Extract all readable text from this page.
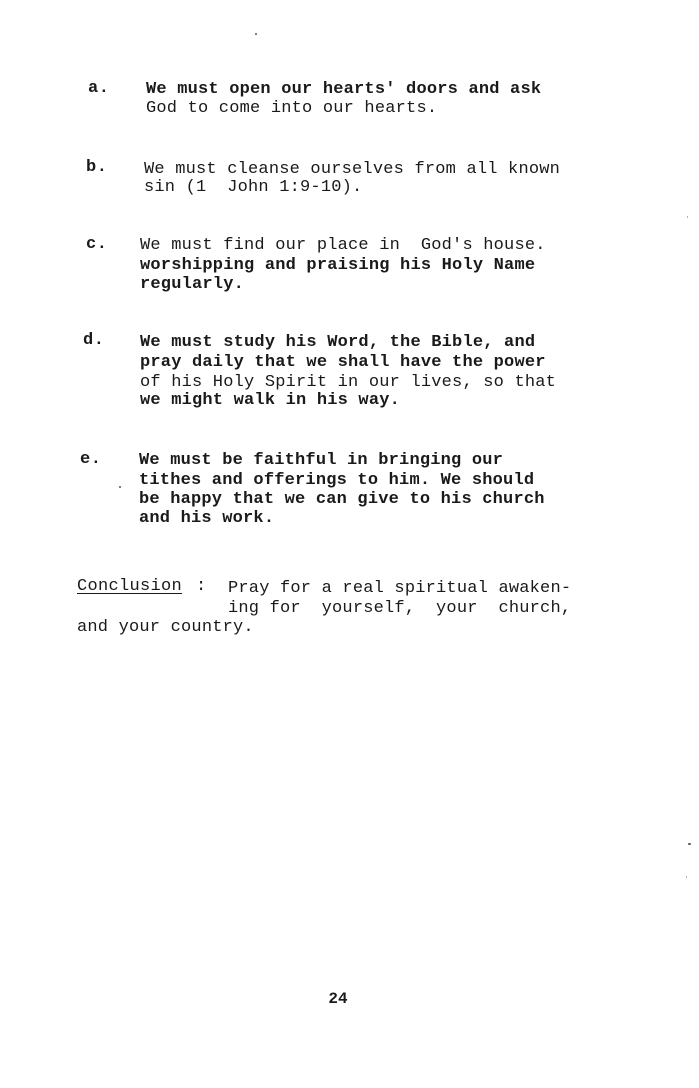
a. We must open our hearts' doors and ask
God to come into our hearts.
b. We must cleanse ourselves from all known
sin (1  John 1:9-10).
c. We must find our place in  God's house.
worshipping and praising his Holy Name
regularly.
d. We must study his Word, the Bible, and
pray daily that we shall have the power
of his Holy Spirit in our lives, so that
we might walk in his way.
e. We must be faithful in bringing our
tithes and offerings to him. We should
be happy that we can give to his church
and his work.
Conclusion : Pray for a real spiritual awaken-
ing for  yourself,  your  church,
and your country.
24
